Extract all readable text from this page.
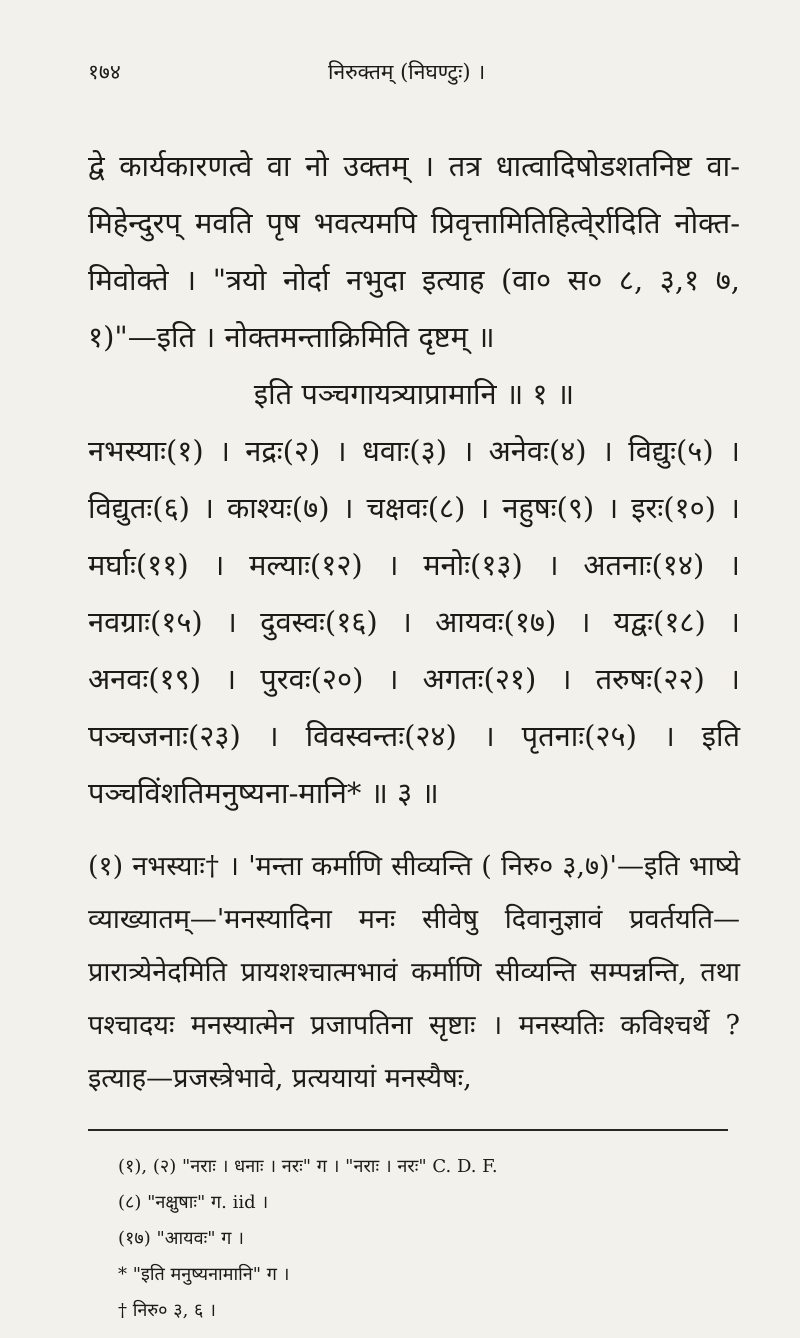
१७४	निरुक्तम् (निघण्टुः) ।

द्वे कार्यकारणत्वे वा नो उक्तम् । तत्र धात्वादिषोडशतनिष्ट वा-मिहेन्दुरप् मवति पृष भवत्यमपि प्रिवृत्तामितिहित्वे्र्रादिति नोक्त-मिवोक्ते । "त्रयो नोर्दा नभुदा इत्याह (वा० स० ८, ३,१ ७, १)"—इति । नोक्तमन्ताक्रिमिति दृष्टम् ॥

इति पञ्चगायत्र्याप्रामानि ॥ १ ॥

नभस्याः(१) । नद्रः(२) । धवाः(३) । अनेवः(४) । विद्युः(५) । विद्युतः(६) । काश्यः(७) । चक्षवः(८) । नहुषः(९) । इरः(१०) । मर्घाः(११) । मल्याः(१२) । मनोः(१३) । अतनाः(१४) । नवग्राः(१५) । दुवस्वः(१६) । आयवः(१७) । यद्वः(१८) । अनवः(१९) । पुरवः(२०) । अगतः(२१) । तरुषः(२२) । पञ्चजनाः(२३) । विवस्वन्तः(२४) । पृतनाः(२५) । इति पञ्चविंशतिमनुष्यना-मानि* ॥ ३ ॥

(१) नभस्याः† । 'मन्ता कर्माणि सीव्यन्ति ( निरु० ३,७)'—इति भाष्ये व्याख्यातम्—'मनस्यादिना मनः सीवेषु दिवानुज्ञावं प्रवर्तयति—प्रारात्र्येनेदमिति प्रायशश्चात्मभावं कर्माणि सीव्यन्ति सम्पन्नन्ति, तथा पश्चादयः मनस्यात्मेन प्रजापतिना सृष्टाः । मनस्यतिः कविश्चर्थे ? इत्याह—प्रजस्त्रेभावे, प्रत्ययायां मनस्यैषः,

(१), (२) "नराः । धनाः । नरः" ग । "नराः । नरः" C. D. F.
(८) "नक्षुषाः" ग. iid ।
(१७) "आयवः" ग ।
* "इति मनुष्यनामानि" ग ।
† निरु० ३, ६ ।
